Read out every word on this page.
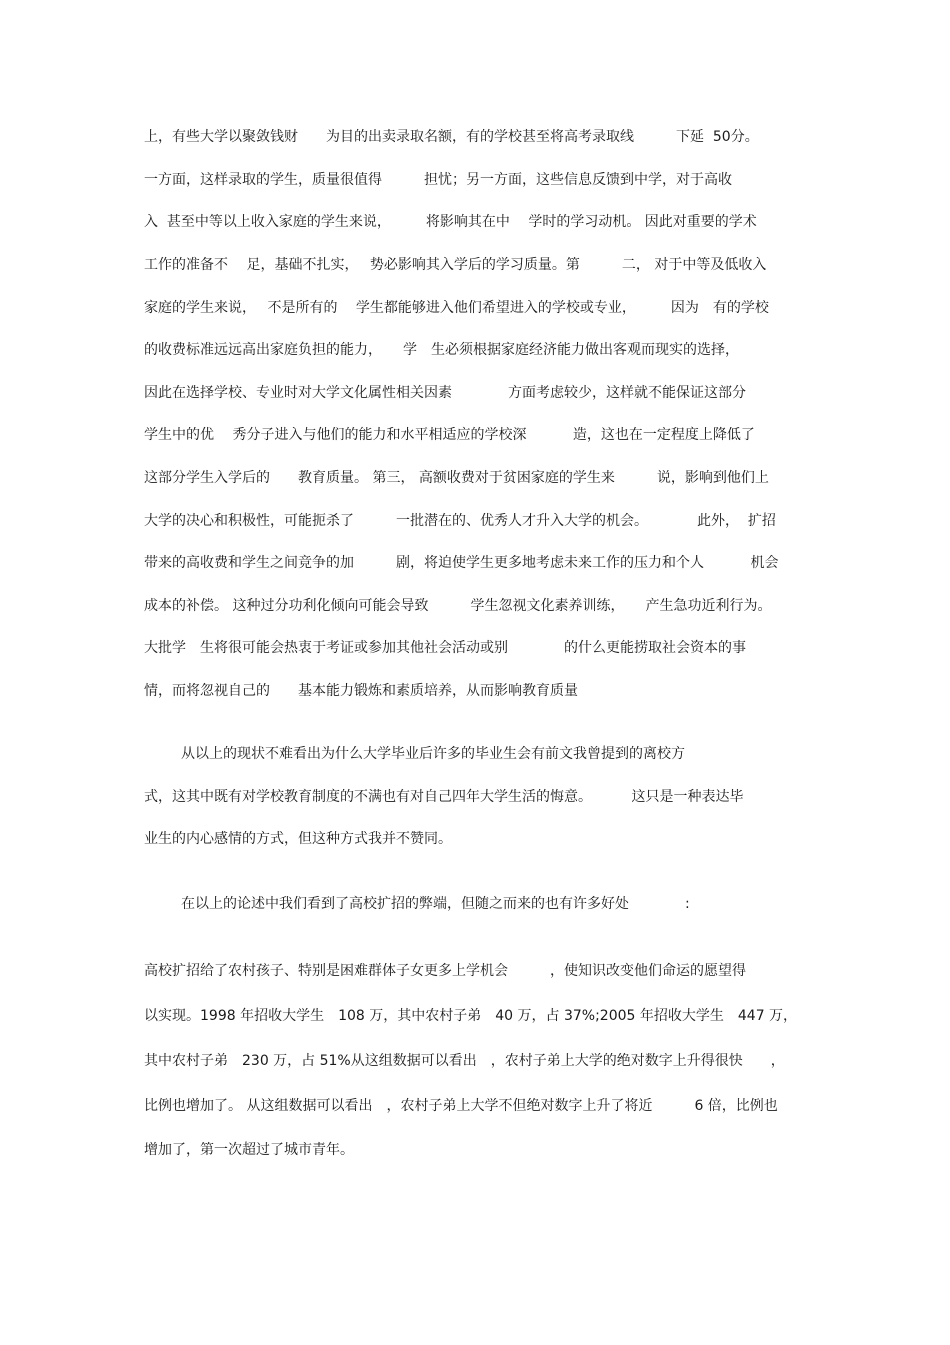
上，有些大学以聚敛钱财　　为目的出卖录取名额，有的学校甚至将高考录取线　　　下延  50分。
一方面，这样录取的学生，质量很值得　　　担忧；另一方面，这些信息反馈到中学，对于高收
入  甚至中等以上收入家庭的学生来说，　　　将影响其在中　 学时的学习动机。 因此对重要的学术
工作的准备不　 足，基础不扎实，　 势必影响其入学后的学习质量。第　　　二， 对于中等及低收入
家庭的学生来说，　 不是所有的　 学生都能够进入他们希望进入的学校或专业，　　　因为　有的学校
的收费标准远远高出家庭负担的能力，　　学　生必须根据家庭经济能力做出客观而现实的选择，
因此在选择学校、专业时对大学文化属性相关因素　　　　方面考虑较少，这样就不能保证这部分
学生中的优　 秀分子进入与他们的能力和水平相适应的学校深　　　 造，这也在一定程度上降低了
这部分学生入学后的　　教育质量。 第三， 高额收费对于贫困家庭的学生来　　　说，影响到他们上
大学的决心和积极性，可能扼杀了　　　一批潜在的、优秀人才升入大学的机会。　　　　此外，  扩招
带来的高收费和学生之间竞争的加　　　剧，将迫使学生更多地考虑未来工作的压力和个人　　　 机会
成本的补偿。 这种过分功利化倾向可能会导致　　　学生忽视文化素养训练，　　产生急功近利行为。
大批学　生将很可能会热衷于考证或参加其他社会活动或别　　　　的什么更能捞取社会资本的事
情，而将忽视自己的　　基本能力锻炼和素质培养，从而影响教育质量
从以上的现状不难看出为什么大学毕业后许多的毕业生会有前文我曾提到的离校方
式，这其中既有对学校教育制度的不满也有对自己四年大学生活的悔意。　　　 这只是一种表达毕
业生的内心感情的方式，但这种方式我并不赞同。
在以上的论述中我们看到了高校扩招的弊端，但随之而来的也有许多好处　　　　:
高校扩招给了农村孩子、特别是困难群体子女更多上学机会　　　，使知识改变他们命运的愿望得
以实现。1998 年招收大学生　108 万，其中农村子弟　40 万，占 37%;2005 年招收大学生　447 万，
其中农村子弟　230 万，占 51%从这组数据可以看出　，农村子弟上大学的绝对数字上升得很快　　，
比例也增加了。 从这组数据可以看出　，农村子弟上大学不但绝对数字上升了将近　　　6 倍，比例也
增加了，第一次超过了城市青年。
